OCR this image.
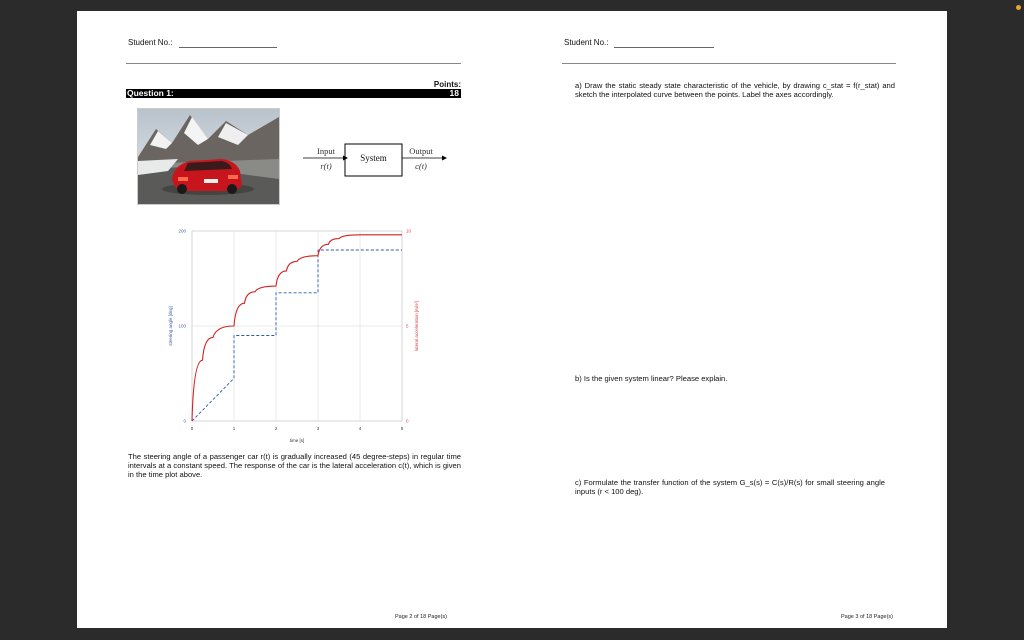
Student No.:
Points:
Question 1:	18
Input
r(t)
System
Output
c(t)
0	1	2	3	4	5
0
100
200
0
5
10
steering angle [deg]	lateral acceleration [m/s²]
time [s]
The steering angle of a passenger car r(t) is gradually increased (45 degree-steps) in regular time intervals at a constant speed. The response of the car is the lateral acceleration c(t), which is given in the time plot above.
Page 2 of 18 Page(s)
Student No.:
a) Draw the static steady state characteristic of the vehicle, by drawing c_stat = f(r_stat) and sketch the interpolated curve between the points. Label the axes accordingly.
b) Is the given system linear? Please explain.
c) Formulate the transfer function of the system G_s(s) = C(s)/R(s) for small steering angle inputs (r < 100 deg).
Page 3 of 18 Page(s)
